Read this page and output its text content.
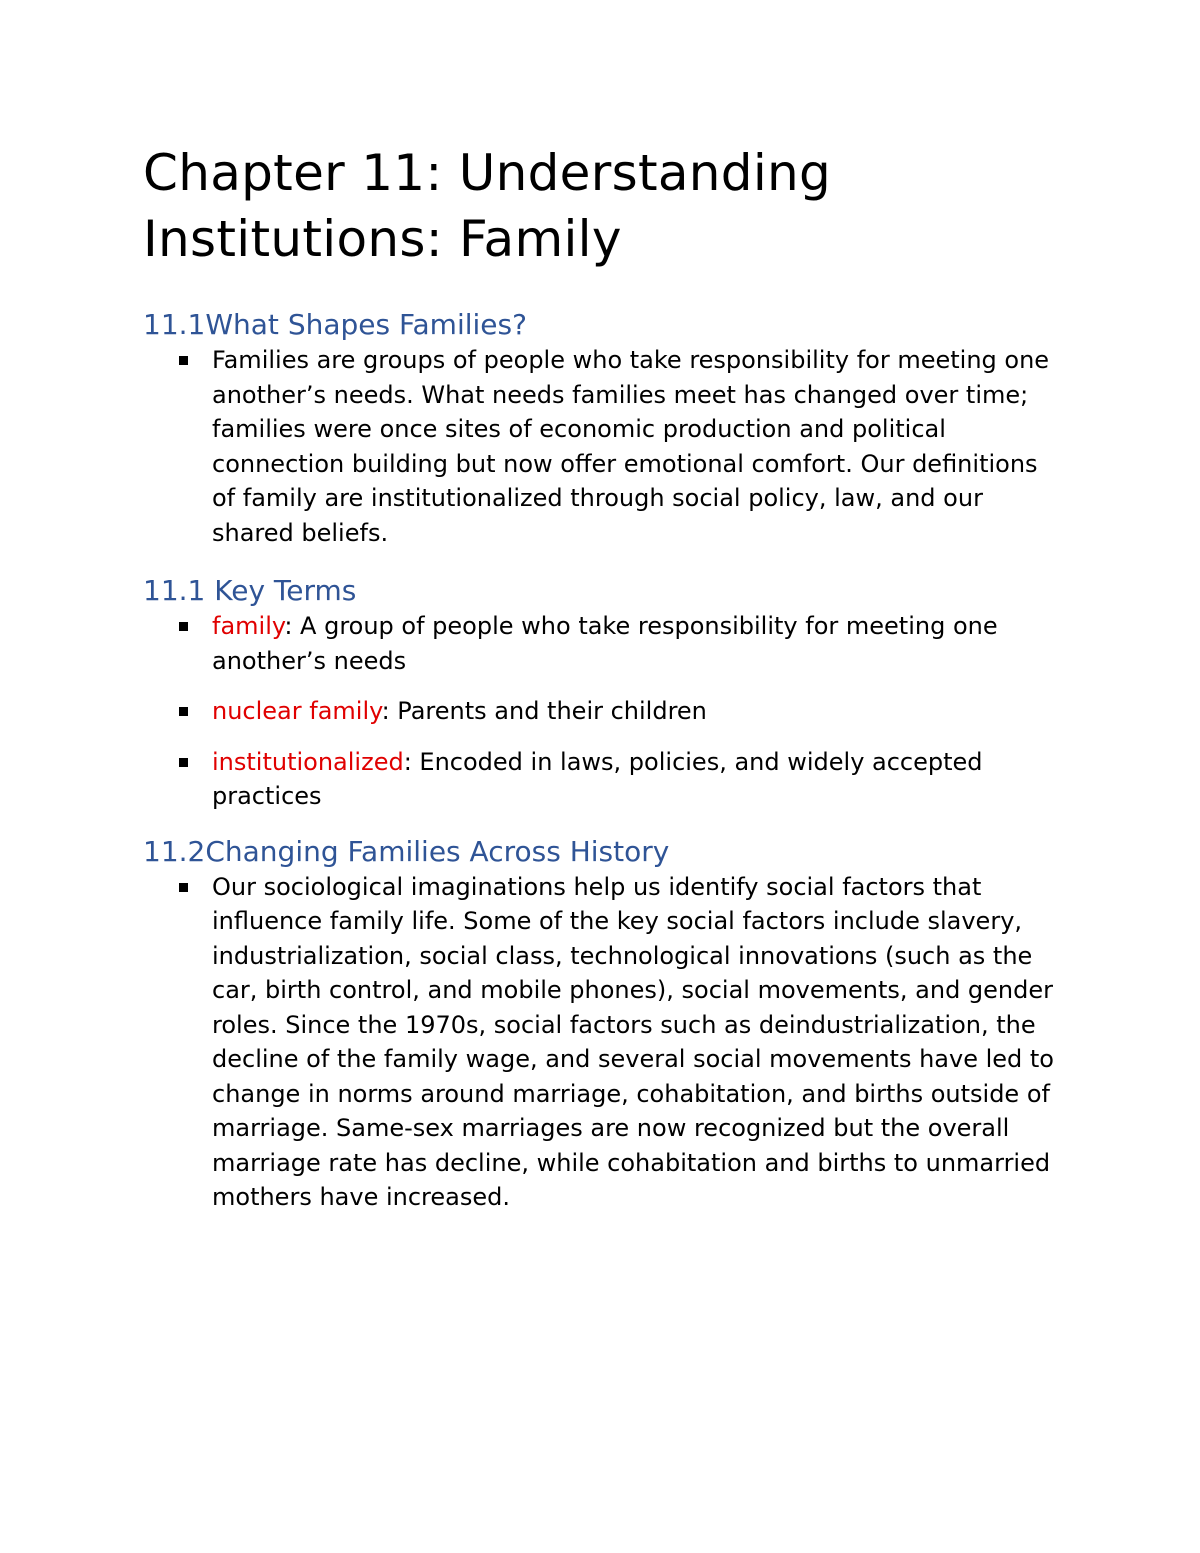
Chapter 11: Understanding
Institutions: Family
11.1What Shapes Families?
Families are groups of people who take responsibility for meeting one another’s needs. What needs families meet has changed over time; families were once sites of economic production and political connection building but now offer emotional comfort. Our definitions of family are institutionalized through social policy, law, and our shared beliefs.
11.1 Key Terms
family: A group of people who take responsibility for meeting one another’s needs
nuclear family: Parents and their children
institutionalized: Encoded in laws, policies, and widely accepted practices
11.2Changing Families Across History
Our sociological imaginations help us identify social factors that influence family life. Some of the key social factors include slavery, industrialization, social class, technological innovations (such as the car, birth control, and mobile phones), social movements, and gender roles. Since the 1970s, social factors such as deindustrialization, the decline of the family wage, and several social movements have led to change in norms around marriage, cohabitation, and births outside of marriage. Same-sex marriages are now recognized but the overall marriage rate has decline, while cohabitation and births to unmarried mothers have increased.
